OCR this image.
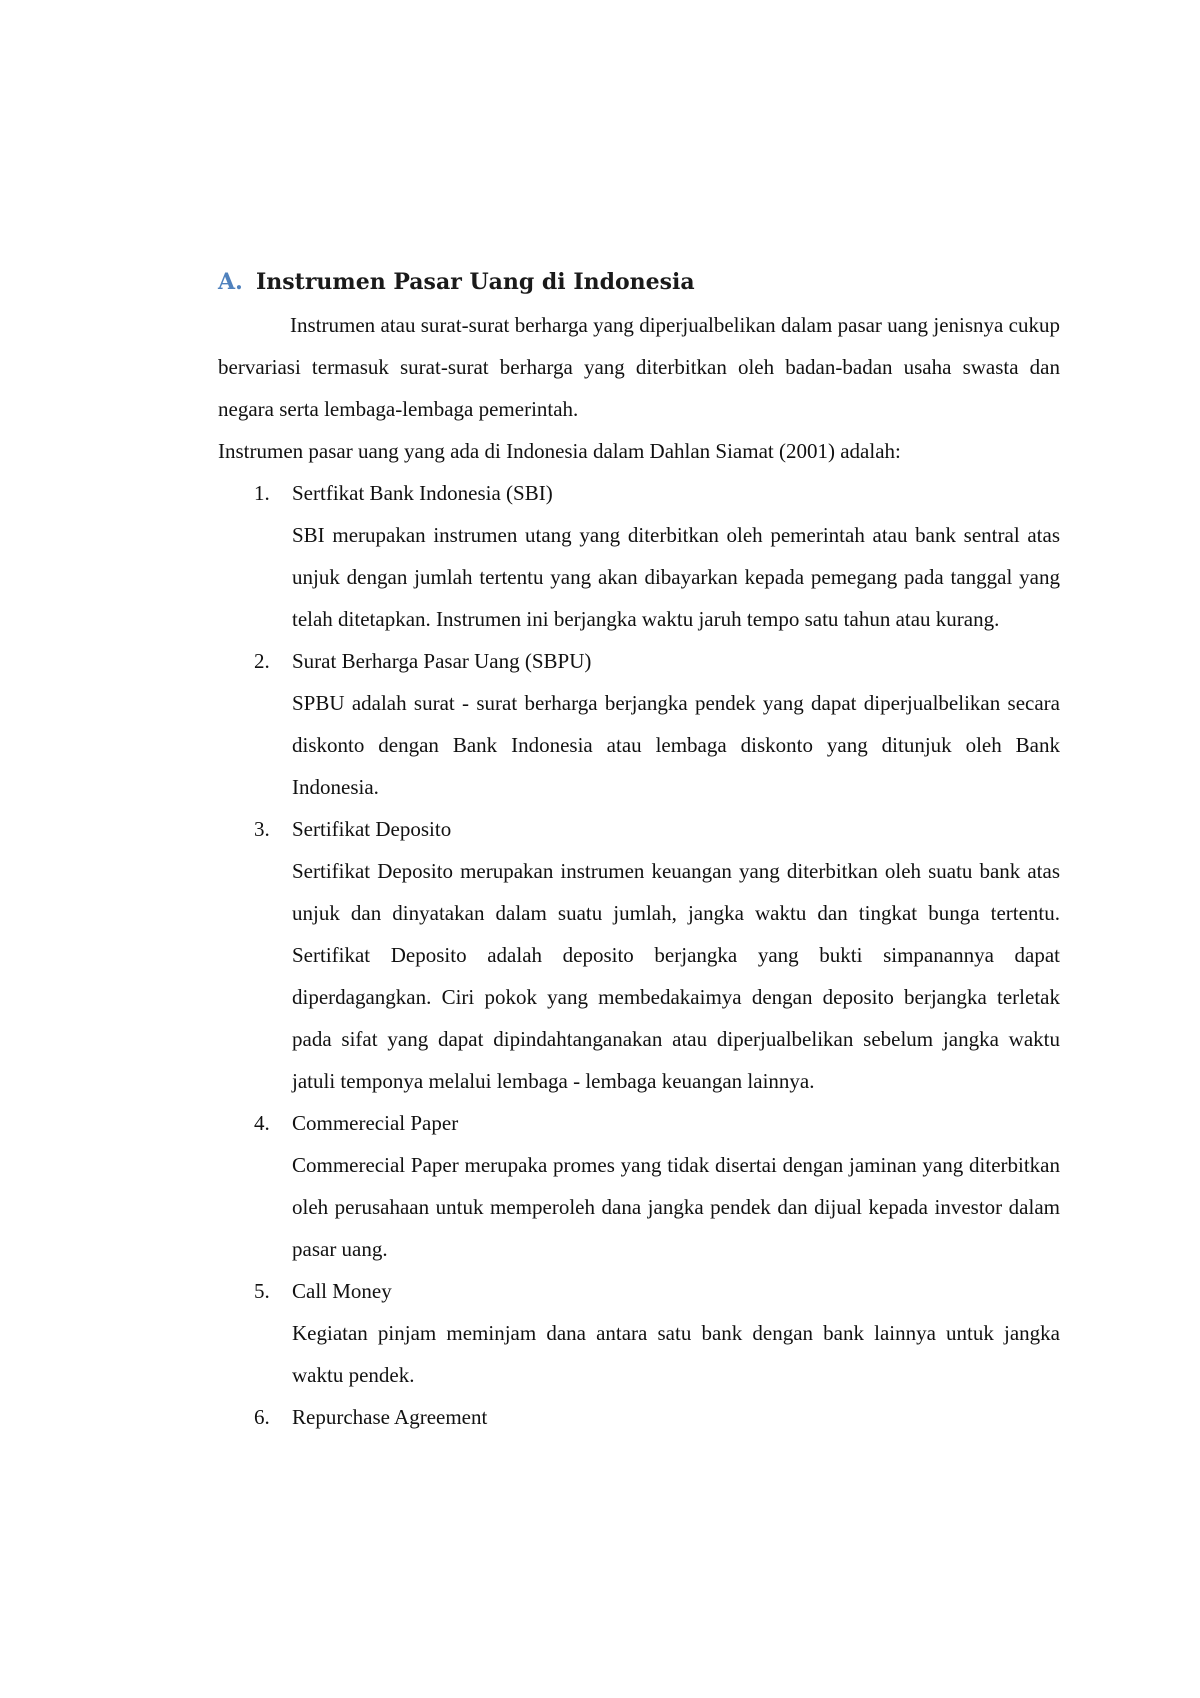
A. Instrumen Pasar Uang di Indonesia

Instrumen atau surat-surat berharga yang diperjualbelikan dalam pasar uang jenisnya cukup bervariasi termasuk surat-surat berharga yang diterbitkan oleh badan-badan usaha swasta dan negara serta lembaga-lembaga pemerintah.

Instrumen pasar uang yang ada di Indonesia dalam Dahlan Siamat (2001) adalah:

1.	Sertfikat Bank Indonesia (SBI)

SBI merupakan instrumen utang yang diterbitkan oleh pemerintah atau bank sentral atas unjuk dengan jumlah tertentu yang akan dibayarkan kepada pemegang pada tanggal yang telah ditetapkan. Instrumen ini berjangka waktu jaruh tempo satu tahun atau kurang.

2.	Surat Berharga Pasar Uang (SBPU)

SPBU adalah surat - surat berharga berjangka pendek yang dapat diperjualbelikan secara diskonto dengan Bank Indonesia atau lembaga diskonto yang ditunjuk oleh Bank Indonesia.

3.	Sertifikat Deposito

Sertifikat Deposito merupakan instrumen keuangan yang diterbitkan oleh suatu bank atas unjuk dan dinyatakan dalam suatu jumlah, jangka waktu dan tingkat bunga tertentu. Sertifikat Deposito adalah deposito berjangka yang bukti simpanannya dapat diperdagangkan. Ciri pokok yang membedakaimya dengan deposito berjangka terletak pada sifat yang dapat dipindahtanganakan atau diperjualbelikan sebelum jangka waktu jatuli temponya melalui lembaga - lembaga keuangan lainnya.

4.	Commerecial Paper

Commerecial Paper merupaka promes yang tidak disertai dengan jaminan yang diterbitkan oleh perusahaan untuk memperoleh dana jangka pendek dan dijual kepada investor dalam pasar uang.

5.	Call Money

Kegiatan pinjam meminjam dana antara satu bank dengan bank lainnya untuk jangka waktu pendek.

6.	Repurchase Agreement
